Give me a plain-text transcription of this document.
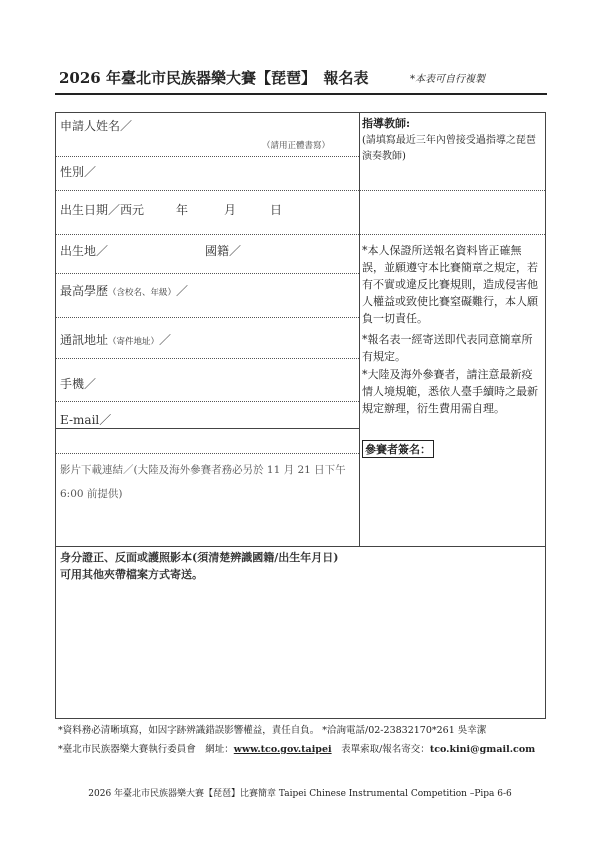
2026 年臺北市民族器樂大賽【琵琶】　報名表	*本表可自行複製
申請人姓名／
（請用正體書寫）
性別／
出生日期／西元	年	月	日
出生地／	國籍／
最高學歷（含校名、年級）／
通訊地址（寄件地址）／
手機／
E-mail／
影片下載連結／(大陸及海外參賽者務必另於 11 月 21 日下午 6:00 前提供)
身分證正、反面或護照影本(須清楚辨識國籍/出生年月日)
可用其他夾帶檔案方式寄送。
指導教師:
(請填寫最近三年內曾接受過指導之琵琶演奏教師)
*本人保證所送報名資料皆正確無誤，並願遵守本比賽簡章之規定，若有不實或違反比賽規則，造成侵害他人權益或致使比賽窒礙難行，本人願負一切責任。
*報名表一經寄送即代表同意簡章所有規定。
*大陸及海外參賽者，請注意最新疫情人境規範，悉依人臺手續時之最新規定辦理，衍生費用需自理。
參賽者簽名：
*資料務必清晰填寫，如因字跡辨識錯誤影響權益，責任自負。 *洽詢電話/02-23832170*261 吳幸潔
*臺北市民族器樂大賽執行委員會　網址：www.tco.gov.taipei　表單索取/報名寄交：tco.kini@gmail.com
2026 年臺北市民族器樂大賽【琵琶】比賽簡章 Taipei Chinese Instrumental Competition –Pipa 6-6
